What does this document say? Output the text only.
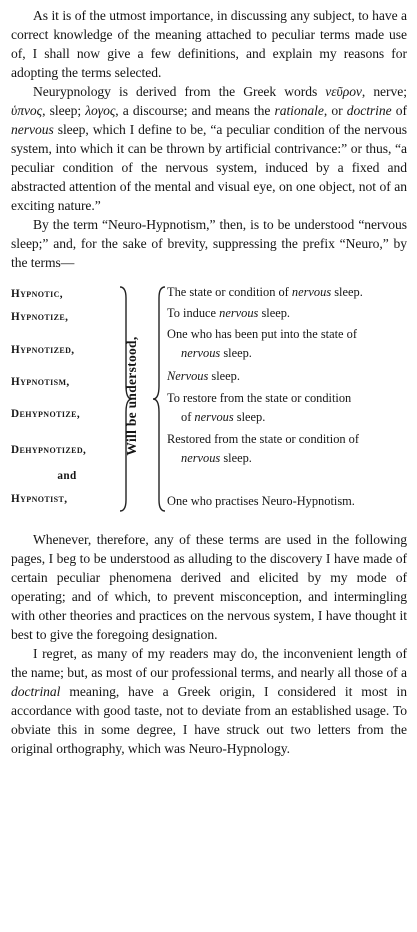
As it is of the utmost importance, in discussing any subject, to have a correct knowledge of the meaning attached to peculiar terms made use of, I shall now give a few definitions, and explain my reasons for adopting the terms selected.

Neurypnology is derived from the Greek words νεῦρον, nerve; ὑπνος, sleep; λογος, a discourse; and means the rationale, or doctrine of nervous sleep, which I define to be, “a peculiar condition of the nervous system, into which it can be thrown by artificial contrivance:” or thus, “a peculiar condition of the nervous system, induced by a fixed and abstracted attention of the mental and visual eye, on one object, not of an exciting nature.”

By the term “Neuro-Hypnotism,” then, is to be understood “nervous sleep;” and, for the sake of brevity, suppressing the prefix “Neuro,” by the terms—

Hypnotic,
Hypnotize,
Hypnotized,
Hypnotism,
Dehypnotize,
Dehypnotized,
and
Hypnotist,
Will be understood,
The state or condition of nervous sleep.
To induce nervous sleep.
One who has been put into the state of
nervous sleep.
Nervous sleep.
To restore from the state or condition
of nervous sleep.
Restored from the state or condition of
nervous sleep.
One who practises Neuro-Hypnotism.

Whenever, therefore, any of these terms are used in the following pages, I beg to be understood as alluding to the discovery I have made of certain peculiar phenomena derived and elicited by my mode of operating; and of which, to prevent misconception, and intermingling with other theories and practices on the nervous system, I have thought it best to give the foregoing designation.

I regret, as many of my readers may do, the inconvenient length of the name; but, as most of our professional terms, and nearly all those of a doctrinal meaning, have a Greek origin, I considered it most in accordance with good taste, not to deviate from an established usage. To obviate this in some degree, I have struck out two letters from the original orthography, which was Neuro-Hypnology.
